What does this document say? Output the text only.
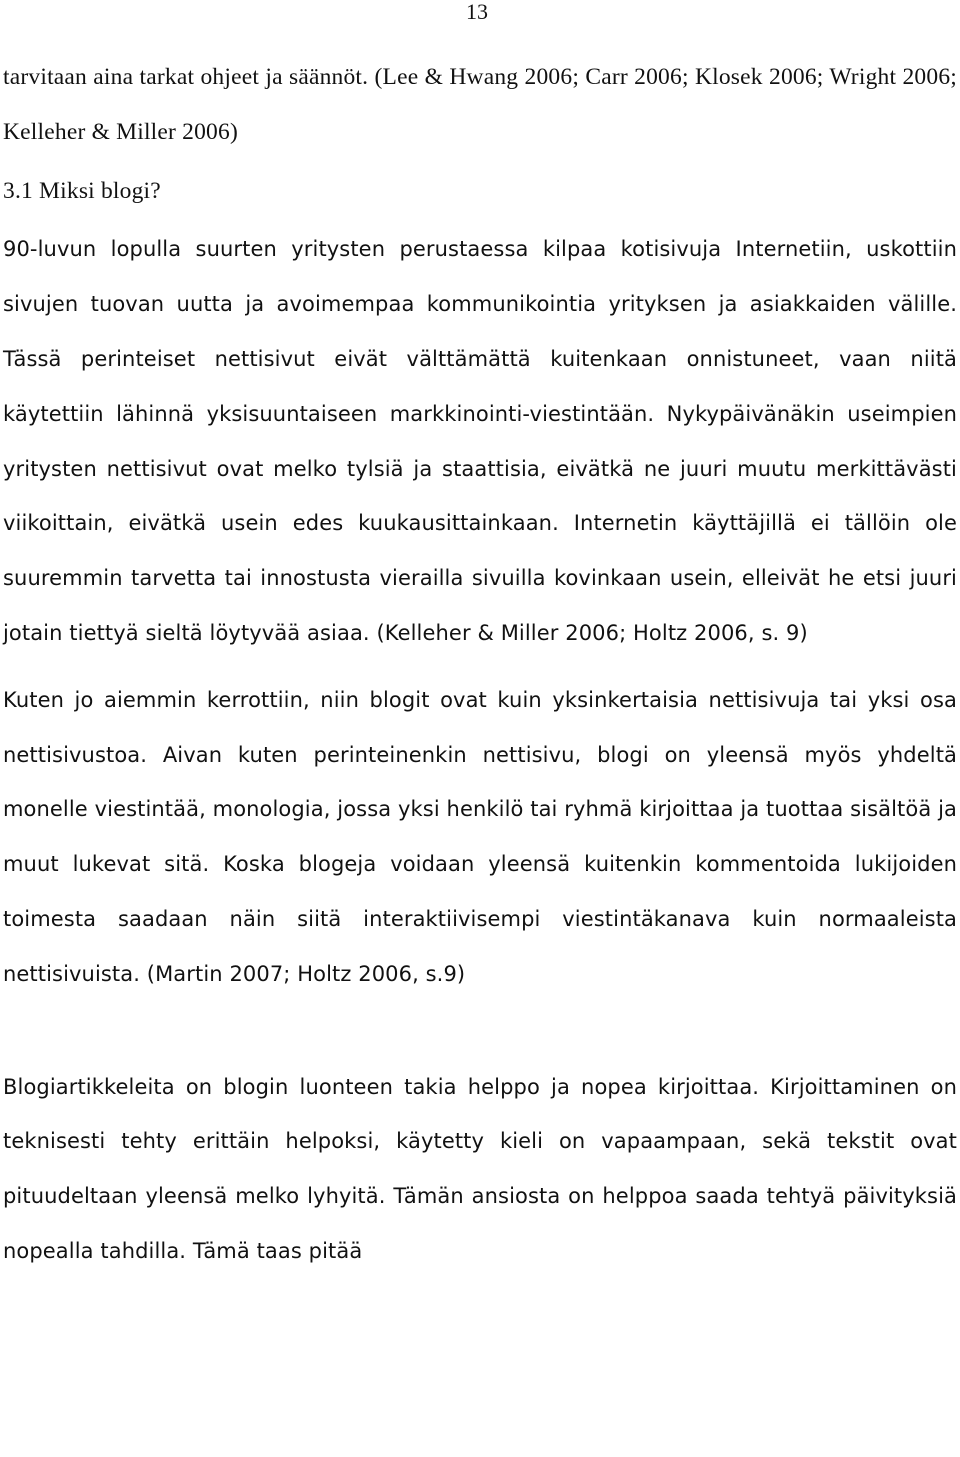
13

tarvitaan aina tarkat ohjeet ja säännöt. (Lee & Hwang 2006; Carr 2006; Klosek 2006; Wright 2006; Kelleher & Miller 2006)

3.1 Miksi blogi?

90-luvun lopulla suurten yritysten perustaessa kilpaa kotisivuja Internetiin, uskottiin sivujen tuovan uutta ja avoimempaa kommunikointia yrityksen ja asiakkaiden välille. Tässä perinteiset nettisivut eivät välttämättä kuitenkaan onnistuneet, vaan niitä käytettiin lähinnä yksisuuntaiseen markkinointi-viestintään. Nykypäivänäkin useimpien yritysten nettisivut ovat melko tylsiä ja staattisia, eivätkä ne juuri muutu merkittävästi viikoittain, eivätkä usein edes kuukausittainkaan. Internetin käyttäjillä ei tällöin ole suuremmin tarvetta tai innostusta vierailla sivuilla kovinkaan usein, elleivät he etsi juuri jotain tiettyä sieltä löytyvää asiaa. (Kelleher & Miller 2006; Holtz 2006, s. 9)

Kuten jo aiemmin kerrottiin, niin blogit ovat kuin yksinkertaisia nettisivuja tai yksi osa nettisivustoa. Aivan kuten perinteinenkin nettisivu, blogi on yleensä myös yhdeltä monelle viestintää, monologia, jossa yksi henkilö tai ryhmä kirjoittaa ja tuottaa sisältöä ja muut lukevat sitä. Koska blogeja voidaan yleensä kuitenkin kommentoida lukijoiden toimesta saadaan näin siitä interaktiivisempi viestintäkanava kuin normaaleista nettisivuista. (Martin 2007; Holtz 2006, s.9)

Blogiartikkeleita on blogin luonteen takia helppo ja nopea kirjoittaa. Kirjoittaminen on teknisesti tehty erittäin helpoksi, käytetty kieli on vapaampaan, sekä tekstit ovat pituudeltaan yleensä melko lyhyitä. Tämän ansiosta on helppoa saada tehtyä päivityksiä nopealla tahdilla. Tämä taas pitää
